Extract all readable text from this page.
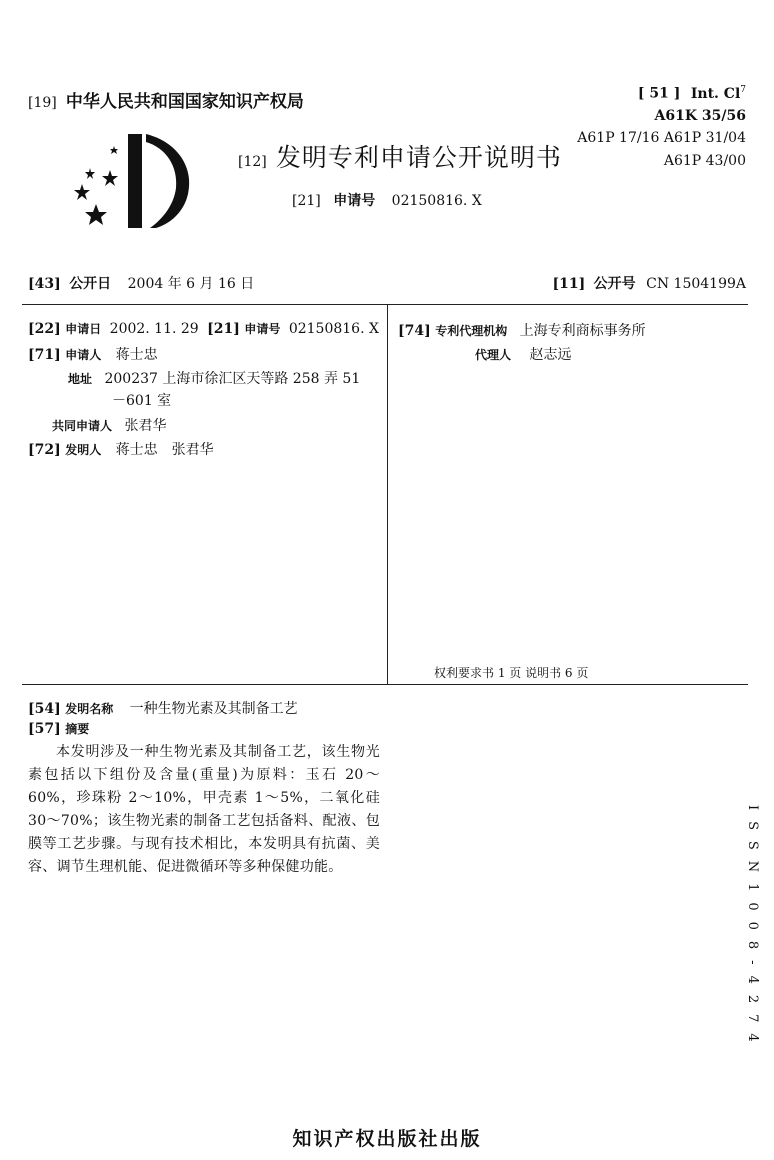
[19] 中华人民共和国国家知识产权局
[12] 发明专利申请公开说明书
[21] 申请号 02150816. X
[ 51 ] Int. Cl$^7$
A61K 35/56
A61P 17/16 A61P 31/04
A61P 43/00
[43] 公开日 2004 年 6 月 16 日	[11] 公开号 CN 1504199A
[22] 申请日 2002. 11. 29 [21] 申请号 02150816. X
[71] 申请人 蒋士忠
地址 200237 上海市徐汇区天等路 258 弄 51
－601 室
共同申请人 张君华
[72] 发明人 蒋士忠　张君华
[74] 专利代理机构 上海专利商标事务所
代理人 赵志远
权利要求书 1 页 说明书 6 页
[54] 发明名称 一种生物光素及其制备工艺
[57] 摘要
本发明涉及一种生物光素及其制备工艺，该生物光素包括以下组份及含量(重量)为原料：玉石 20～60%，珍珠粉 2～10%，甲壳素 1～5%，二氧化硅 30～70%；该生物光素的制备工艺包括备料、配液、包膜等工艺步骤。与现有技术相比，本发明具有抗菌、美容、调节生理机能、促进微循环等多种保健功能。	ISSN1008-4274
知识产权出版社出版
